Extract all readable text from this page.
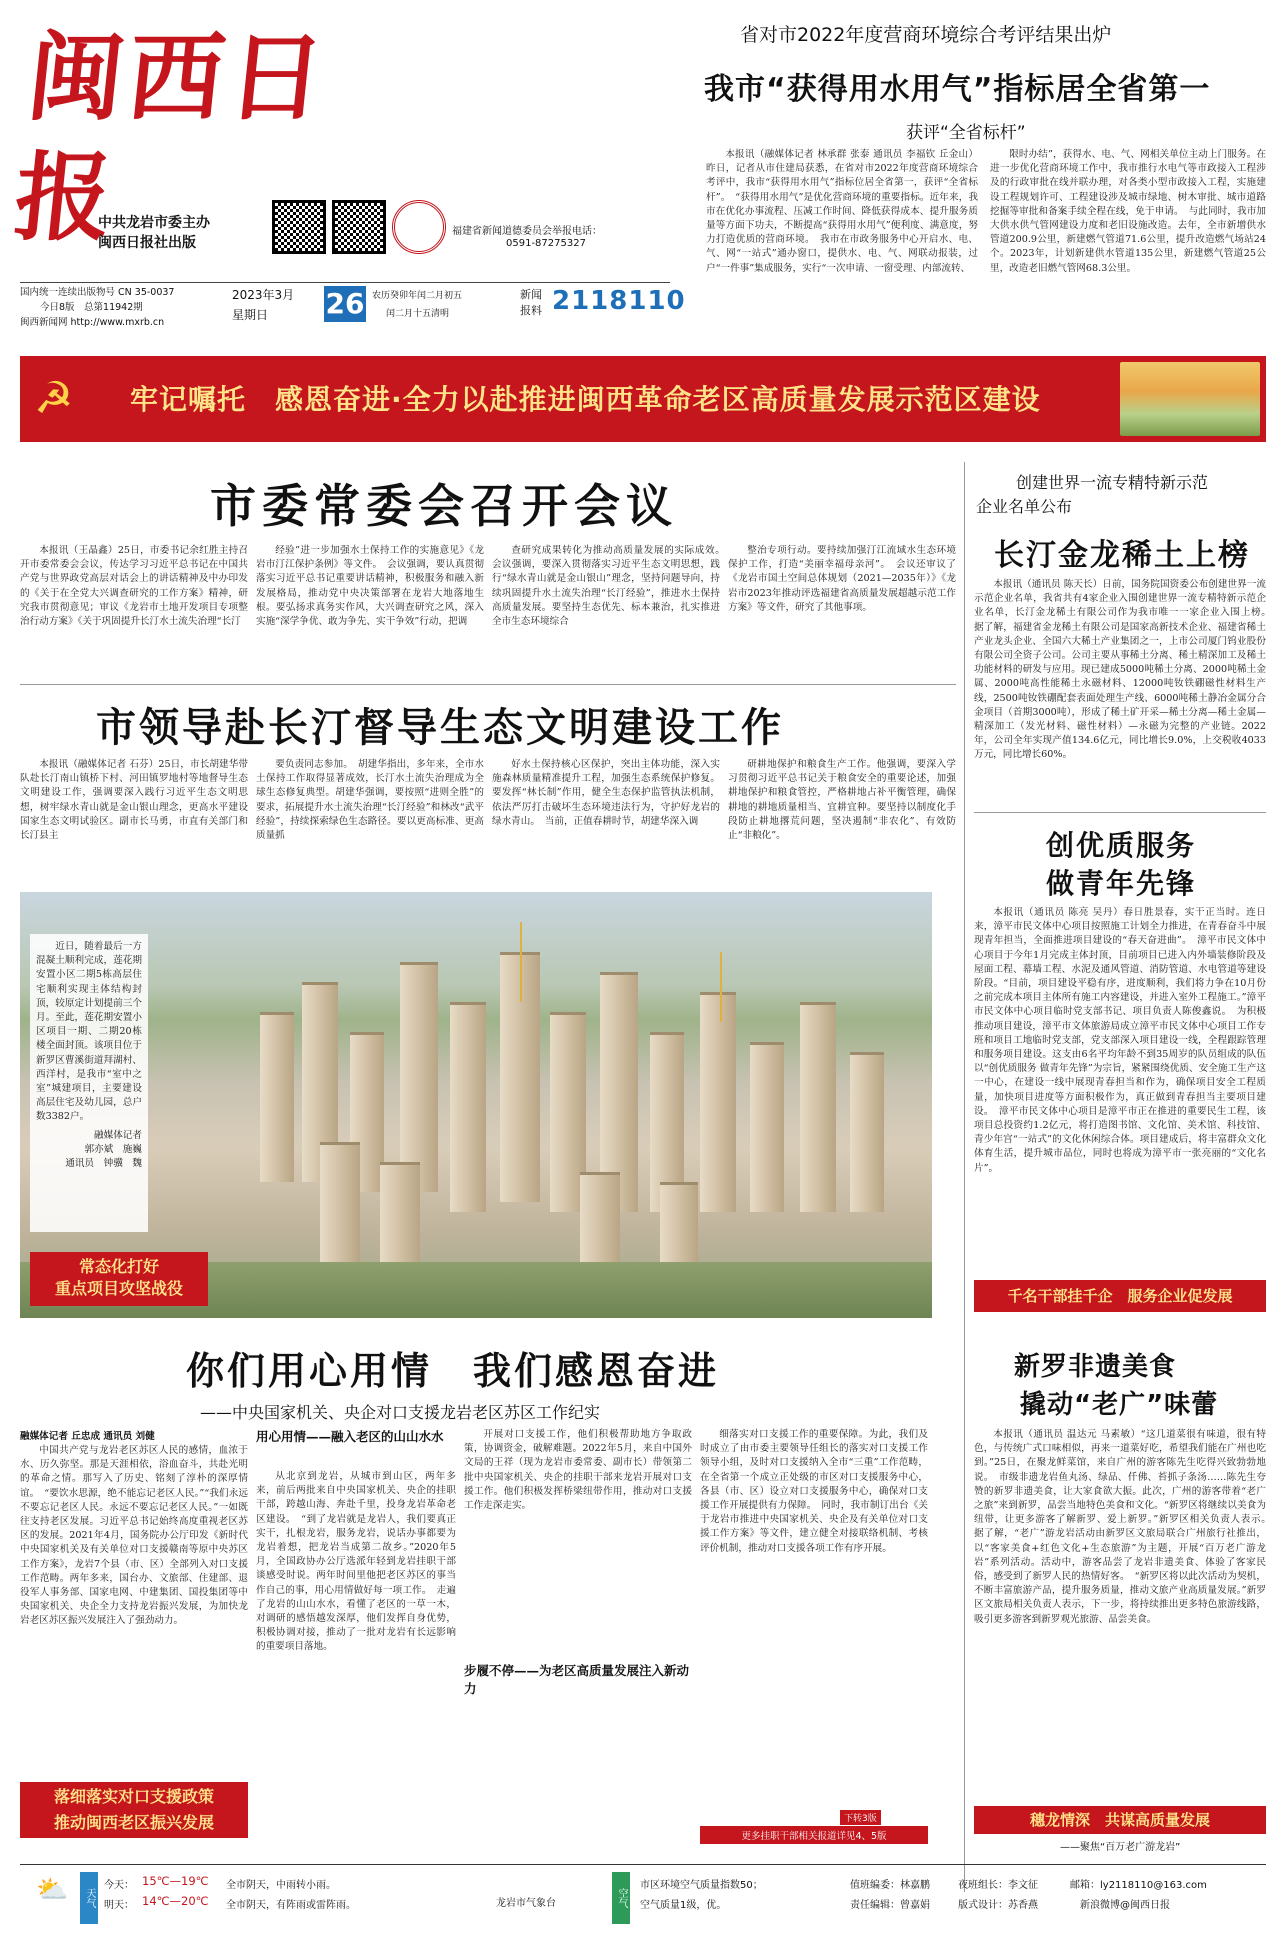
闽西日报
中共龙岩市委主办
闽西日报社出版
福建省新闻道德委员会举报电话：
0591-87275327
国内统一连续出版物号 CN 35-0037
今日8版　总第11942期
闽西新闻网 http://www.mxrb.cn
2023年3月
星期日 26 农历癸卯年闰二月初五
闰二月十五清明
新闻
报料 2118110
省对市2022年度营商环境综合考评结果出炉
我市“获得用水用气”指标居全省第一
获评“全省标杆”

本报讯（融媒体记者 林承群 张泰 通讯员 李福钦 丘金山）昨日，记者从市住建局获悉，在省对市2022年度营商环境综合考评中，我市“获得用水用气”指标位居全省第一，获评“全省标杆”。　“获得用水用气”是优化营商环境的重要指标。近年来，我市在优化办事流程、压减工作时间、降低获得成本、提升服务质量等方面下功夫，不断提高“获得用水用气”便利度、满意度，努力打造优质的营商环境。　我市在市政务服务中心开启水、电、气、网“一站式”通办窗口，提供水、电、气、网联动报装，过户“一件事”集成服务，实行“一次申请、一窗受理、内部流转、

限时办结”，获得水、电、气、网相关单位主动上门服务。在进一步优化营商环境工作中，我市推行水电气等市政接入工程涉及的行政审批在线并联办理，对各类小型市政接入工程，实施建设工程规划许可、工程建设涉及城市绿地、树木审批、城市道路挖掘等审批和备案手续全程在线，免于申请。　与此同时，我市加大供水供气管网建设力度和老旧设施改造。去年，全市新增供水管道200.9公里，新建燃气管道71.6公里，提升改造燃气场站24个。2023年，计划新建供水管道135公里，新建燃气管道25公里，改造老旧燃气管网68.3公里。

☭	牢记嘱托　感恩奋进·全力以赴推进闽西革命老区高质量发展示范区建设
市委常委会召开会议

本报讯（王晶鑫）25日，市委书记余红胜主持召开市委常委会会议，传达学习习近平总书记在中国共产党与世界政党高层对话会上的讲话精神及中办印发的《关于在全党大兴调查研究的工作方案》精神，研究我市贯彻意见；审议《龙岩市土地开发项目专项整治行动方案》《关于巩固提升长汀水土流失治理“长汀

经验”进一步加强水土保持工作的实施意见》《龙岩市汀江保护条例》等文件。　会议强调，要认真贯彻落实习近平总书记重要讲话精神，积极服务和融入新发展格局，推动党中央决策部署在龙岩大地落地生根。要弘扬求真务实作风，大兴调查研究之风，深入实施“深学争优、敢为争先、实干争效”行动，把调

查研究成果转化为推动高质量发展的实际成效。　会议强调，要深入贯彻落实习近平生态文明思想，践行“绿水青山就是金山银山”理念，坚持问题导向，持续巩固提升水土流失治理“长汀经验”，推进水土保持高质量发展。要坚持生态优先、标本兼治，扎实推进全市生态环境综合

整治专项行动。要持续加强汀江流域水生态环境保护工作，打造“美丽幸福母亲河”。　会议还审议了《龙岩市国土空间总体规划（2021—2035年）》《龙岩市2023年推动评选福建省高质量发展超越示范工作方案》等文件，研究了其他事项。

市领导赴长汀督导生态文明建设工作

本报讯（融媒体记者 石芬）25日，市长胡建华带队赴长汀南山镇桥下村、河田镇罗地村等地督导生态文明建设工作，强调要深入践行习近平生态文明思想，树牢绿水青山就是金山银山理念，更高水平建设国家生态文明试验区。副市长马勇，市直有关部门和长汀县主

要负责同志参加。　胡建华指出，多年来，全市水土保持工作取得显著成效，长汀水土流失治理成为全球生态修复典型。胡建华强调，要按照“进则全胜”的要求，拓展提升水土流失治理“长汀经验”和林改“武平经验”，持续探索绿色生态路径。要以更高标准、更高质量抓

好水土保持核心区保护，突出主体功能，深入实施森林质量精准提升工程，加强生态系统保护修复。要发挥“林长制”作用，健全生态保护监管执法机制，依法严厉打击破坏生态环境违法行为，守护好龙岩的绿水青山。　当前，正值春耕时节，胡建华深入调

研耕地保护和粮食生产工作。他强调，要深入学习贯彻习近平总书记关于粮食安全的重要论述，加强耕地保护和粮食管控，严格耕地占补平衡管理，确保耕地的耕地质量相当、宜耕宜种。要坚持以制度化手段防止耕地撂荒问题，坚决遏制“非农化”、有效防止“非粮化”。

近日，随着最后一方混凝土顺利完成，莲花期安置小区二期5栋高层住宅顺利实现主体结构封顶，较原定计划提前三个月。至此，莲花期安置小区项目一期、二期20栋楼全面封顶。该项目位于新罗区曹溪街道拜湖村、西洋村，是我市“室中之室”城建项目，主要建设高层住宅及幼儿园，总户数3382户。

融媒体记者
郭亦斌　施巍
通讯员　钟骥　魏
常态化打好
重点项目攻坚战役
创建世界一流专精特新示范
企业名单公布
长汀金龙稀土上榜

本报讯（通讯员 陈天长）日前，国务院国资委公布创建世界一流示范企业名单，我省共有4家企业入围创建世界一流专精特新示范企业名单，长汀金龙稀土有限公司作为我市唯一一家企业入围上榜。　据了解，福建省金龙稀土有限公司是国家高新技术企业、福建省稀土产业龙头企业、全国六大稀土产业集团之一，上市公司厦门钨业股份有限公司全资子公司。公司主要从事稀土分离、稀土精深加工及稀土功能材料的研发与应用。现已建成5000吨稀土分离、2000吨稀土金属、2000吨高性能稀土永磁材料、12000吨钕铁硼磁性材料生产线，2500吨钕铁硼配套表面处理生产线、6000吨稀土静冶金属分合金项目（首期3000吨），形成了稀土矿开采—稀土分离—稀土金属—精深加工（发光材料、磁性材料）—永磁为完整的产业链。2022年，公司全年实现产值134.6亿元，同比增长9.0%，上交税收4033万元，同比增长60%。

创优质服务
做青年先锋

本报讯（通讯员 陈亮 吴丹）春日胜景春，实干正当时。连日来，漳平市民文体中心项目按照施工计划全力推进，在青春奋斗中展现青年担当，全面推进项目建设的“春天奋进曲”。　漳平市民文体中心项目于今年1月完成主体封顶，目前项目已进入内外墙装修阶段及屋面工程、幕墙工程、水泥及通风管道、消防管道、水电管道等建设阶段。“目前，项目建设平稳有序，进度顺利，我们将力争在10月份之前完成本项目主体所有施工内容建设，并进入室外工程施工。”漳平市民文体中心项目临时党支部书记、项目负责人陈俊鑫说。　为积极推动项目建设，漳平市文体旅游局成立漳平市民文体中心项目工作专班和项目工地临时党支部，党支部深入项目建设一线，全程跟踪管理和服务项目建设。这支由6名平均年龄不到35周岁的队员组成的队伍以“创优质服务 做青年先锋”为宗旨，紧紧围绕优质、安全施工生产这一中心，在建设一线中展现青春担当和作为，确保项目安全工程质量，加快项目进度等方面积极作为，真正做到青春担当主要项目建设。　漳平市民文体中心项目是漳平市正在推进的重要民生工程，该项目总投资约1.2亿元，将打造图书馆、文化馆、美术馆、科技馆、青少年宫“一站式”的文化休闲综合体。项目建成后，将丰富群众文化体育生活，提升城市品位，同时也将成为漳平市一张亮丽的“文化名片”。

千名干部挂千企　服务企业促发展
你们用心用情　我们感恩奋进
——中央国家机关、央企对口支援龙岩老区苏区工作纪实
融媒体记者 丘忠成 通讯员 刘健

中国共产党与龙岩老区苏区人民的感情，血浓于水、历久弥坚。那是天涯相依，浴血奋斗，共赴光明的革命之情。那写入了历史、铭刻了淳朴的深厚情谊。　“要饮水思源，绝不能忘记老区人民。”“我们永远不要忘记老区人民。永远不要忘记老区人民。”一如既往支持老区发展。习近平总书记始终高度重视老区苏区的发展。2021年4月，国务院办公厅印发《新时代中央国家机关及有关单位对口支援赣南等原中央苏区工作方案》，龙岩7个县（市、区）全部列入对口支援工作范畴。两年多来，国台办、文旅部、住建部、退役军人事务部、国家电网、中建集团、国投集团等中央国家机关、央企全力支持龙岩振兴发展，为加快龙岩老区苏区振兴发展注入了强劲动力。

落细落实对口支援政策
推动闽西老区振兴发展
用心用情——融入老区的山山水水

从北京到龙岩，从城市到山区，两年多来，前后两批来自中央国家机关、央企的挂职干部，跨越山海、奔赴千里，投身龙岩革命老区建设。　“到了龙岩就是龙岩人，我们要真正实干，扎根龙岩，服务龙岩，说话办事都要为龙岩着想，把龙岩当成第二故乡。”2020年5月，全国政协办公厅选派年轻到龙岩挂职干部谈感受时说。两年时间里他把老区苏区的事当作自己的事，用心用情做好每一项工作。　走遍了龙岩的山山水水，看懂了老区的一草一木，对调研的感悟越发深厚，他们发挥自身优势，积极协调对接，推动了一批对龙岩有长远影响的重要项目落地。

开展对口支援工作，他们积极帮助地方争取政策，协调资金，破解难题。2022年5月，来自中国外文局的王祥（现为龙岩市委常委、副市长）带领第二批中央国家机关、央企的挂职干部来龙岩开展对口支援工作。他们积极发挥桥梁纽带作用，推动对口支援工作走深走实。

步履不停——为老区高质量发展注入新动力

细落实对口支援工作的重要保障。为此，我们及时成立了由市委主要领导任组长的落实对口支援工作领导小组，及时对口支援纳入全市“三重”工作范畴，在全省第一个成立正处级的市区对口支援服务中心，各县（市、区）设立对口支援服务中心，确保对口支援工作开展提供有力保障。　同时，我市制订出台《关于龙岩市推进中央国家机关、央企及有关单位对口支援工作方案》等文件，建立健全对接联络机制、考核评价机制，推动对口支援各项工作有序开展。

下转3版
更多挂职干部相关报道详见4、5版
新罗非遗美食
撬动“老广”味蕾

本报讯（通讯员 温达元 马素敏）“这几道菜很有味道，很有特色，与传统广式口味相似，再来一道菜好吃，希望我们能在广州也吃到。”25日，在聚龙鲜菜馆，来自广州的游客陈先生吃得兴致勃勃地说。　市级非遗龙岩鱼丸汤、绿品、仟佛、苔抓子条汤……陈先生夸赞的新罗非遗美食，让大家食欲大振。此次，广州的游客带着“老广之旅”来到新罗，品尝当地特色美食和文化。“新罗区将继续以美食为纽带，让更多游客了解新罗、爱上新罗。”新罗区相关负责人表示。　据了解，“老广”游龙岩活动由新罗区文旅局联合广州旅行社推出，以“客家美食+红色文化+生态旅游”为主题，开展“百万老广游龙岩”系列活动。活动中，游客品尝了龙岩非遗美食、体验了客家民俗，感受到了新罗人民的热情好客。　“新罗区将以此次活动为契机，不断丰富旅游产品，提升服务质量，推动文旅产业高质量发展。”新罗区文旅局相关负责人表示，下一步，将持续推出更多特色旅游线路，吸引更多游客到新罗观光旅游、品尝美食。

穗龙情深　共谋高质量发展
——聚焦“百万老广游龙岩”
⛅	天气
今天： 15℃—19℃ 全市阴天，中雨转小雨。
明天： 14℃—20℃ 全市阴天，有阵雨或雷阵雨。	龙岩市气象台	空气
市区环境空气质量指数50；
空气质量1级，优。
值班编委：林嘉鹏
责任编辑：曾嘉娟
夜班组长：李文征
版式设计：苏香燕
邮箱：ly2118110@163.com
新浪微博@闽西日报
